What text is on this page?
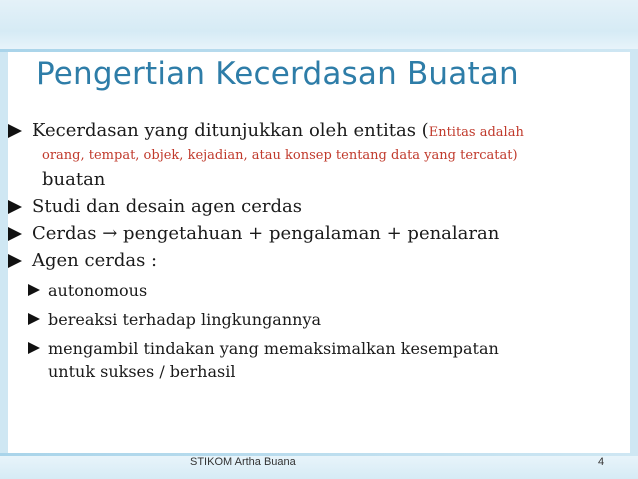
Pengertian Kecerdasan Buatan
Kecerdasan yang ditunjukkan oleh entitas (Entitas adalah
orang, tempat, objek, kejadian, atau konsep tentang data yang tercatat)
buatan
Studi dan desain agen cerdas
Cerdas → pengetahuan + pengalaman + penalaran
Agen cerdas :
autonomous
bereaksi terhadap lingkungannya
mengambil tindakan yang memaksimalkan kesempatan
untuk sukses / berhasil
STIKOM Artha Buana	4
